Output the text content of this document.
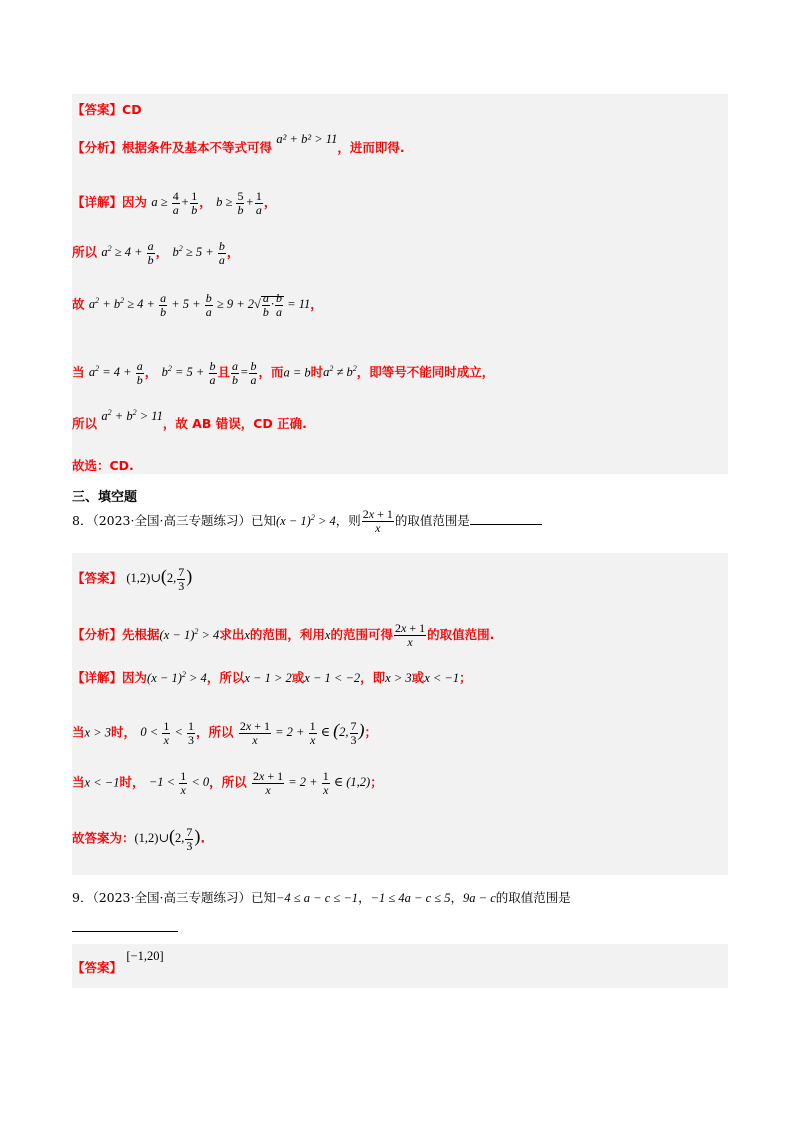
【答案】CD
【分析】根据条件及基本不等式可得 a² + b² > 11，进而即得.
【详解】因为 $a \ge \frac{4}{a} + \frac{1}{b}$ ， $b \ge \frac{5}{b} + \frac{1}{a}$ ，
所以 $a^2 \ge 4 + \frac{a}{b}$ ， $b^2 \ge 5 + \frac{b}{a}$ ，
故 $a^2 + b^2 \ge 4 + \frac{a}{b} + 5 + \frac{b}{a} \ge 9 + 2√ \frac{a}{b} \cdot \frac{b}{a} = 11$，
当 $a^2 = 4 + \frac{a}{b}$ ， $b^2 = 5 + \frac{b}{a}$ 且 $\frac{a}{b} = \frac{b}{a}$ ，而a = b时$a^2 \ne b^2$，即等号不能同时成立，
所以 $a^2 + b^2 > 11$，故 AB 错误，CD 正确.
故选：CD.
三、填空题
8．（2023·全国·高三专题练习）已知$(x - 1)^2 > 4$，则 $\frac{2x + 1}{x}$ 的取值范围是
【答案】 (1,2)∪(2, $\frac{7}{3}$ )
【分析】先根据$(x - 1)^2 > 4$求出x的范围，利用x的范围可得 $\frac{2x + 1}{x}$ 的取值范围.
【详解】因为$(x - 1)^2 > 4$，所以x − 1 > 2或x − 1 < −2，即x > 3或x < −1；
当x > 3时， $0 < \frac{1}{x} < \frac{1}{3}$ ，所以 $\frac{2x + 1}{x} = 2 + \frac{1}{x}$ ∈ (2, $\frac{7}{3}$ )；
当x < −1时， $-1 < \frac{1}{x} < 0$，所以 $\frac{2x + 1}{x} = 2 + \frac{1}{x}$ ∈ (1,2)；
故答案为：(1,2)∪(2, $\frac{7}{3}$ ).
9．（2023·全国·高三专题练习）已知−4 ≤ a − c ≤ −1，−1 ≤ 4a − c ≤ 5，9a − c的取值范围是
【答案】 [−1,20]
